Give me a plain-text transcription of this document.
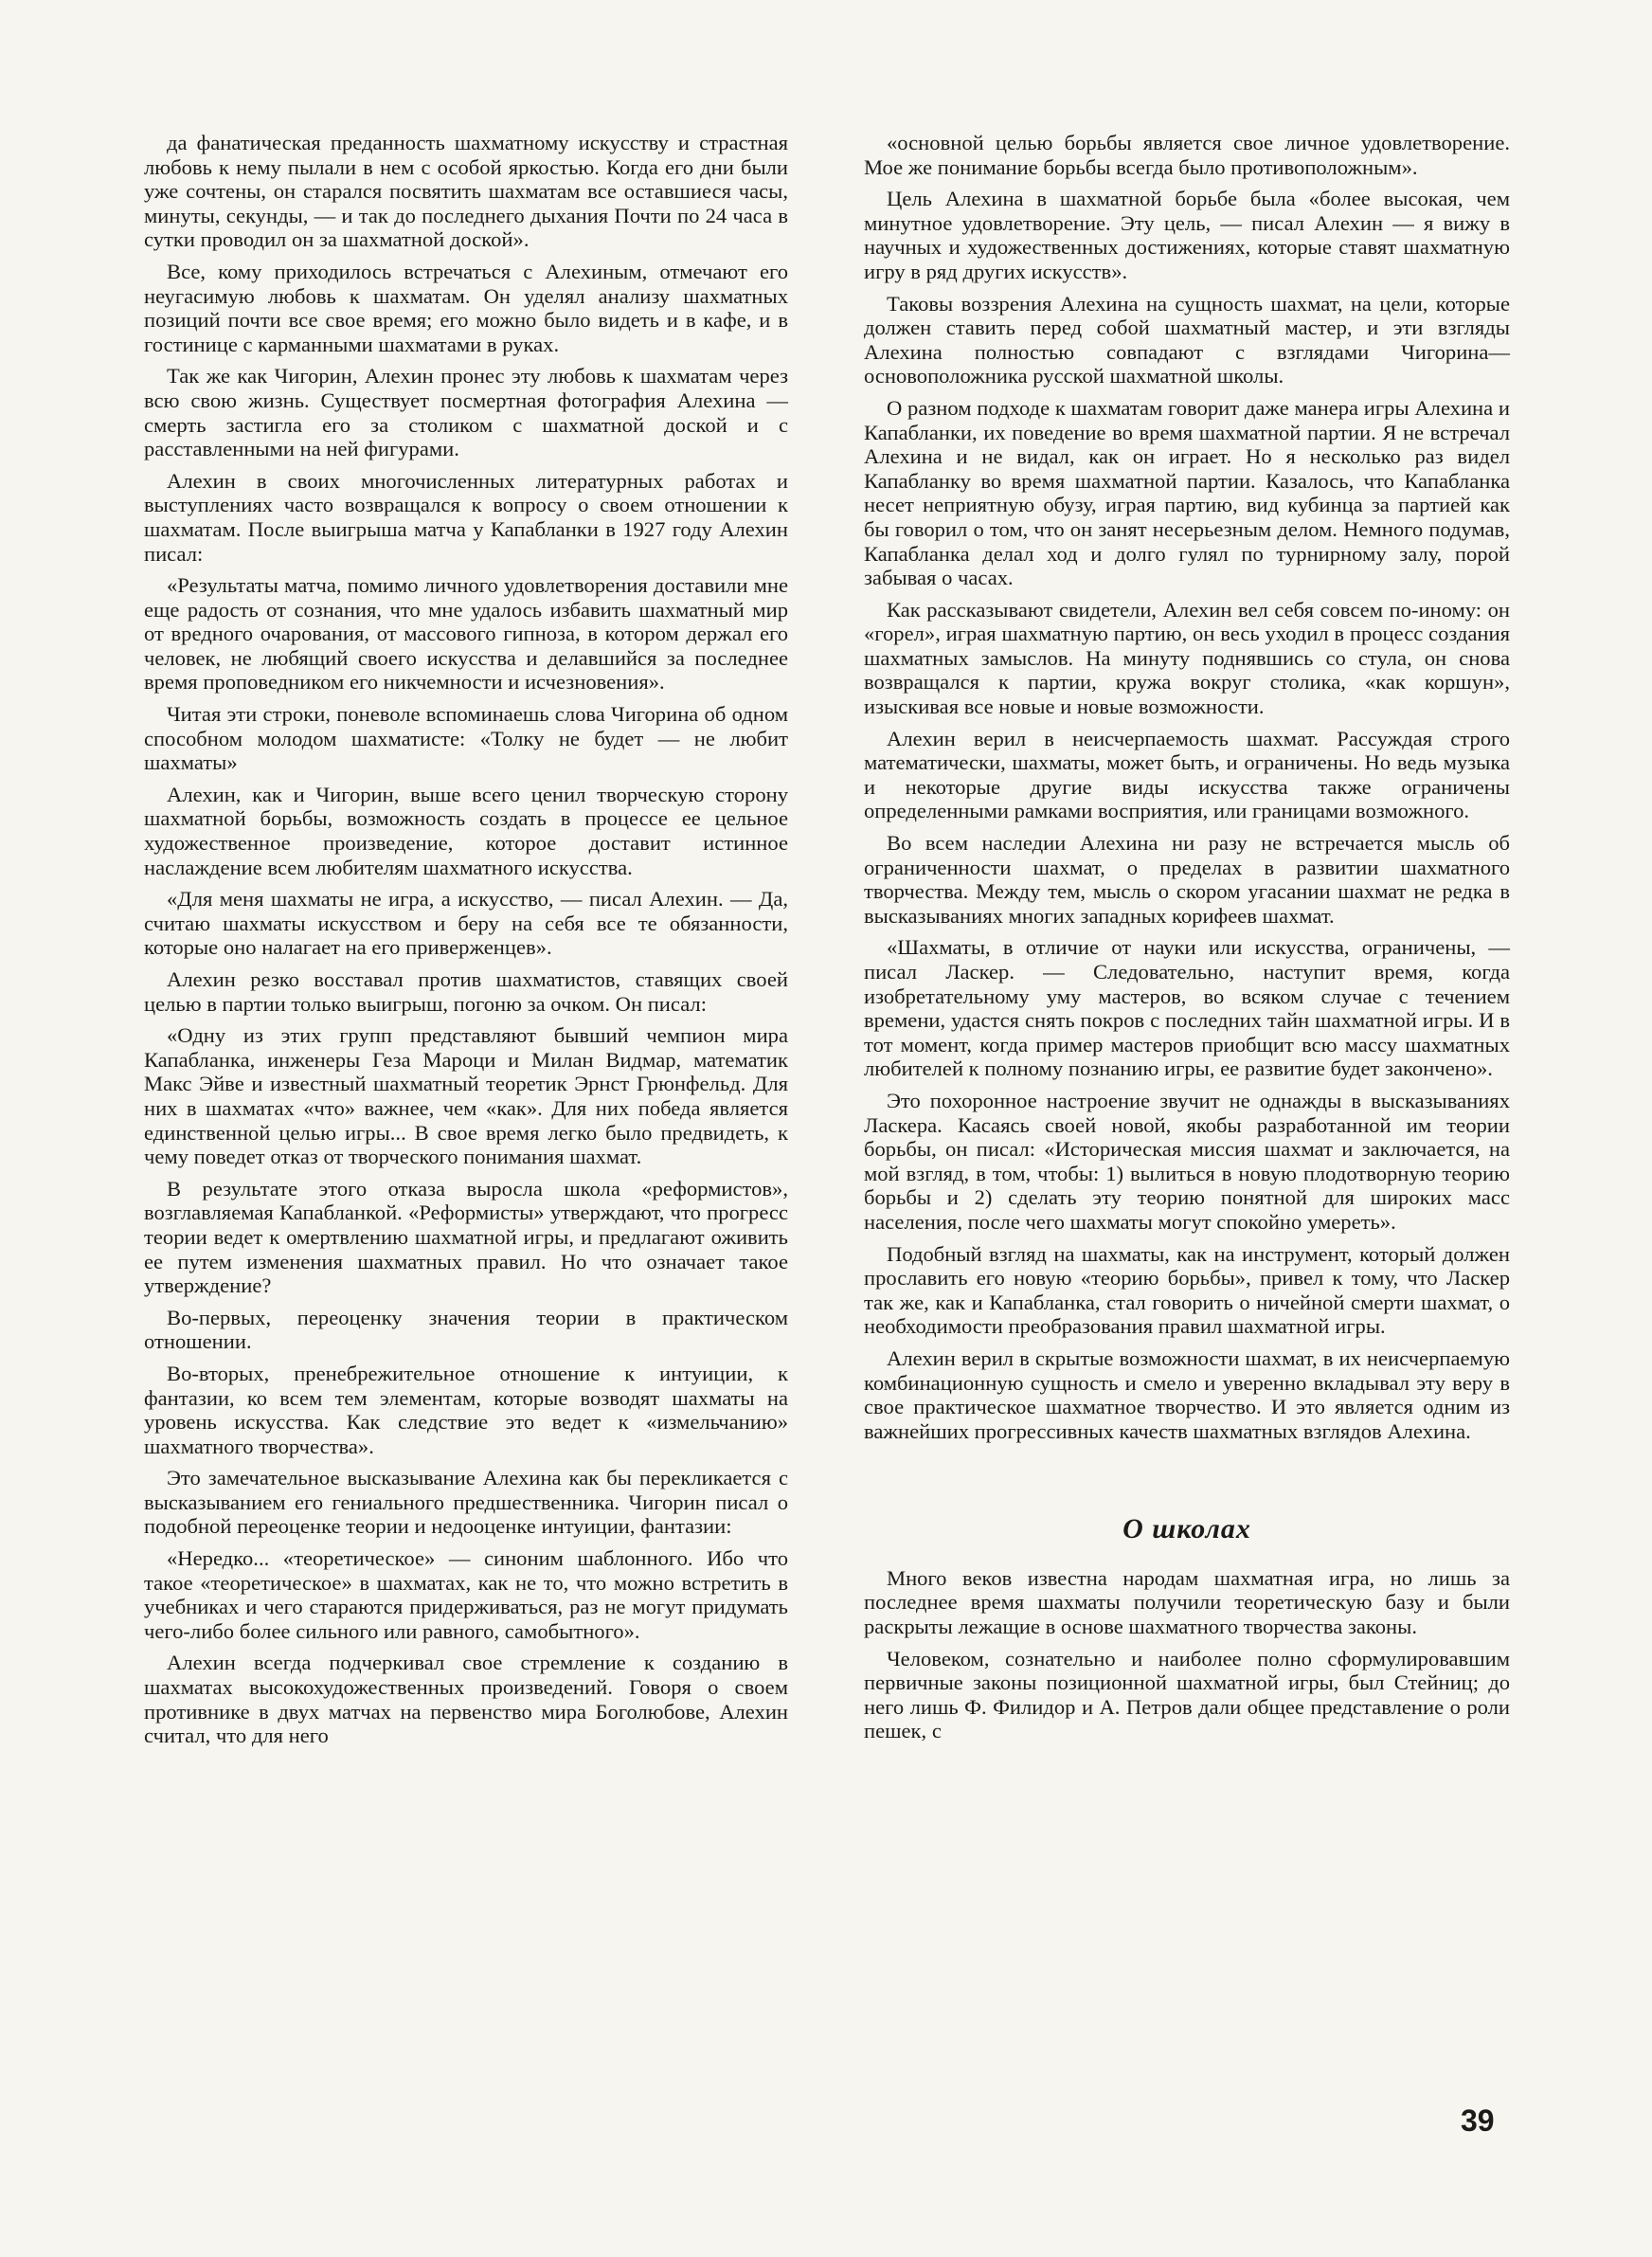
да фанатическая преданность шахматному искусству и страстная любовь к нему пылали в нем с особой яркостью. Когда его дни были уже сочтены, он старался посвятить шахматам все оставшиеся часы, минуты, секунды, — и так до последнего дыхания Почти по 24 часа в сутки проводил он за шахматной доской».

Все, кому приходилось встречаться с Алехиным, отмечают его неугасимую любовь к шахматам. Он уделял анализу шахматных позиций почти все свое время; его можно было видеть и в кафе, и в гостинице с карманными шахматами в руках.

Так же как Чигорин, Алехин пронес эту любовь к шахматам через всю свою жизнь. Существует посмертная фотография Алехина — смерть застигла его за столиком с шахматной доской и с расставленными на ней фигурами.

Алехин в своих многочисленных литературных работах и выступлениях часто возвращался к вопросу о своем отношении к шахматам. После выигрыша матча у Капабланки в 1927 году Алехин писал:

«Результаты матча, помимо личного удовлетворения доставили мне еще радость от сознания, что мне удалось избавить шахматный мир от вредного очарования, от массового гипноза, в котором держал его человек, не любящий своего искусства и делавшийся за последнее время проповедником его никчемности и исчезновения».

Читая эти строки, поневоле вспоминаешь слова Чигорина об одном способном молодом шахматисте: «Толку не будет — не любит шахматы»

Алехин, как и Чигорин, выше всего ценил творческую сторону шахматной борьбы, возможность создать в процессе ее цельное художественное произведение, которое доставит истинное наслаждение всем любителям шахматного искусства.

«Для меня шахматы не игра, а искусство, — писал Алехин. — Да, считаю шахматы искусством и беру на себя все те обязанности, которые оно налагает на его приверженцев».

Алехин резко восставал против шахматистов, ставящих своей целью в партии только выигрыш, погоню за очком. Он писал:

«Одну из этих групп представляют бывший чемпион мира Капабланка, инженеры Геза Мароци и Милан Видмар, математик Макс Эйве и известный шахматный теоретик Эрнст Грюнфельд. Для них в шахматах «что» важнее, чем «как». Для них победа является единственной целью игры... В свое время легко было предвидеть, к чему поведет отказ от творческого понимания шахмат.

В результате этого отказа выросла школа «реформистов», возглавляемая Капабланкой. «Реформисты» утверждают, что прогресс теории ведет к омертвлению шахматной игры, и предлагают оживить ее путем изменения шахматных правил. Но что означает такое утверждение?

Во-первых, переоценку значения теории в практическом отношении.

Во-вторых, пренебрежительное отношение к интуиции, к фантазии, ко всем тем элементам, которые возводят шахматы на уровень искусства. Как следствие это ведет к «измельчанию» шахматного творчества».

Это замечательное высказывание Алехина как бы перекликается с высказыванием его гениального предшественника. Чигорин писал о подобной переоценке теории и недооценке интуиции, фантазии:

«Нередко... «теоретическое» — синоним шаблонного. Ибо что такое «теоретическое» в шахматах, как не то, что можно встретить в учебниках и чего стараются придерживаться, раз не могут придумать чего-либо более сильного или равного, самобытного».

Алехин всегда подчеркивал свое стремление к созданию в шахматах высокохудожественных произведений. Говоря о своем противнике в двух матчах на первенство мира Боголюбове, Алехин считал, что для него

«основной целью борьбы является свое личное удовлетворение. Мое же понимание борьбы всегда было противоположным».

Цель Алехина в шахматной борьбе была «более высокая, чем минутное удовлетворение. Эту цель, — писал Алехин — я вижу в научных и художественных достижениях, которые ставят шахматную игру в ряд других искусств».

Таковы воззрения Алехина на сущность шахмат, на цели, которые должен ставить перед собой шахматный мастер, и эти взгляды Алехина полностью совпадают с взглядами Чигорина—основоположника русской шахматной школы.

О разном подходе к шахматам говорит даже манера игры Алехина и Капабланки, их поведение во время шахматной партии. Я не встречал Алехина и не видал, как он играет. Но я несколько раз видел Капабланку во время шахматной партии. Казалось, что Капабланка несет неприятную обузу, играя партию, вид кубинца за партией как бы говорил о том, что он занят несерьезным делом. Немного подумав, Капабланка делал ход и долго гулял по турнирному залу, порой забывая о часах.

Как рассказывают свидетели, Алехин вел себя совсем по-иному: он «горел», играя шахматную партию, он весь уходил в процесс создания шахматных замыслов. На минуту поднявшись со стула, он снова возвращался к партии, кружа вокруг столика, «как коршун», изыскивая все новые и новые возможности.

Алехин верил в неисчерпаемость шахмат. Рассуждая строго математически, шахматы, может быть, и ограничены. Но ведь музыка и некоторые другие виды искусства также ограничены определенными рамками восприятия, или границами возможного.

Во всем наследии Алехина ни разу не встречается мысль об ограниченности шахмат, о пределах в развитии шахматного творчества. Между тем, мысль о скором угасании шахмат не редка в высказываниях многих западных корифеев шахмат.

«Шахматы, в отличие от науки или искусства, ограничены, — писал Ласкер. — Следовательно, наступит время, когда изобретательному уму мастеров, во всяком случае с течением времени, удастся снять покров с последних тайн шахматной игры. И в тот момент, когда пример мастеров приобщит всю массу шахматных любителей к полному познанию игры, ее развитие будет закончено».

Это похоронное настроение звучит не однажды в высказываниях Ласкера. Касаясь своей новой, якобы разработанной им теории борьбы, он писал: «Историческая миссия шахмат и заключается, на мой взгляд, в том, чтобы: 1) вылиться в новую плодотворную теорию борьбы и 2) сделать эту теорию понятной для широких масс населения, после чего шахматы могут спокойно умереть».

Подобный взгляд на шахматы, как на инструмент, который должен прославить его новую «теорию борьбы», привел к тому, что Ласкер так же, как и Капабланка, стал говорить о ничейной смерти шахмат, о необходимости преобразования правил шахматной игры.

Алехин верил в скрытые возможности шахмат, в их неисчерпаемую комбинационную сущность и смело и уверенно вкладывал эту веру в свое практическое шахматное творчество. И это является одним из важнейших прогрессивных качеств шахматных взглядов Алехина.

О школах

Много веков известна народам шахматная игра, но лишь за последнее время шахматы получили теоретическую базу и были раскрыты лежащие в основе шахматного творчества законы.

Человеком, сознательно и наиболее полно сформулировавшим первичные законы позиционной шахматной игры, был Стейниц; до него лишь Ф. Филидор и А. Петров дали общее представление о роли пешек, с

39
